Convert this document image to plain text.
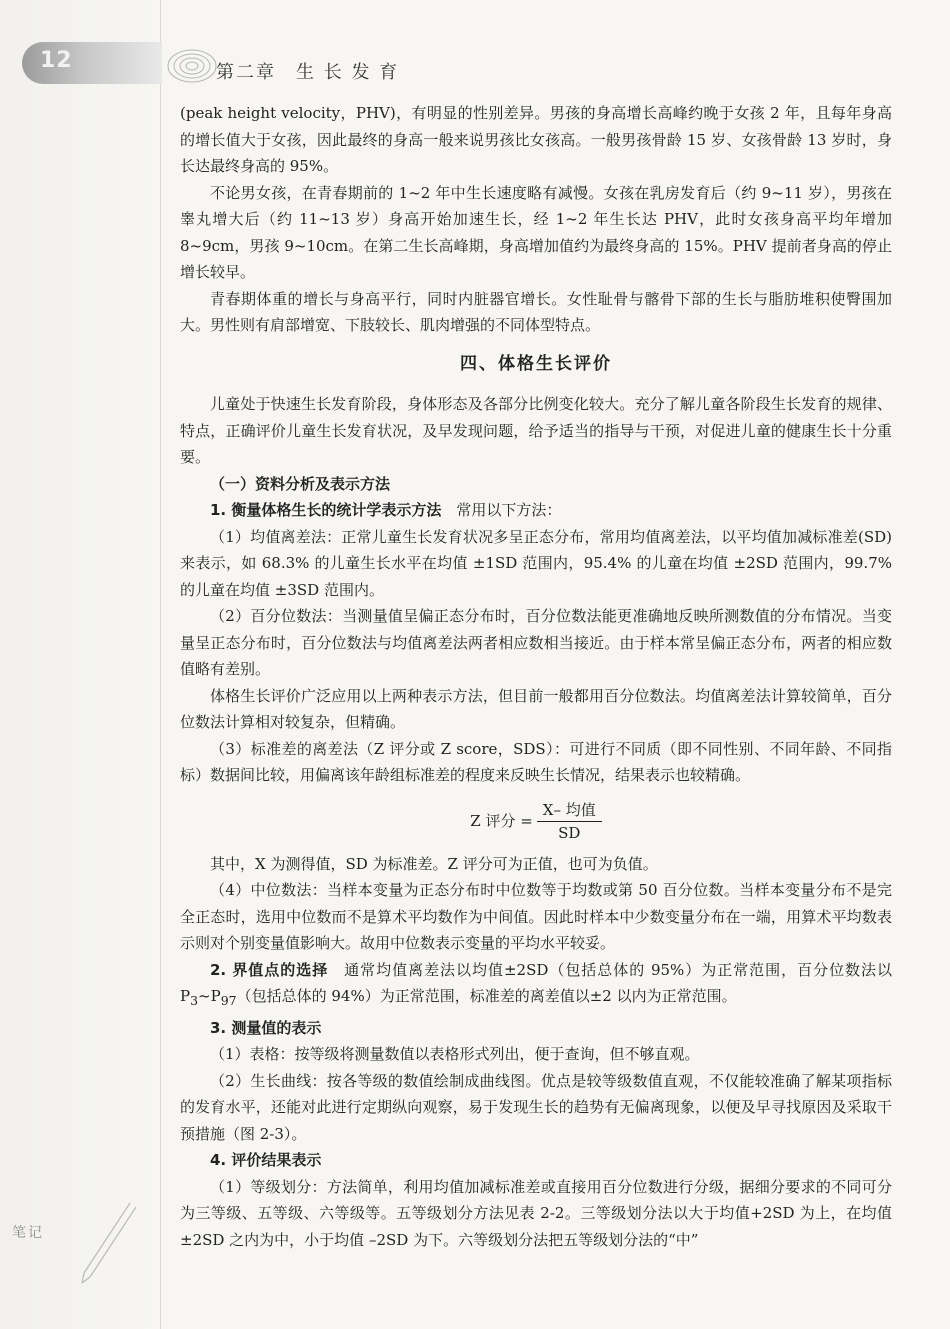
12	第二章　生 长 发 育

(peak height velocity，PHV)，有明显的性别差异。男孩的身高增长高峰约晚于女孩 2 年，且每年身高的增长值大于女孩，因此最终的身高一般来说男孩比女孩高。一般男孩骨龄 15 岁、女孩骨龄 13 岁时，身长达最终身高的 95%。

不论男女孩，在青春期前的 1~2 年中生长速度略有减慢。女孩在乳房发育后（约 9~11 岁），男孩在睾丸增大后（约 11~13 岁）身高开始加速生长，经 1~2 年生长达 PHV，此时女孩身高平均年增加 8~9cm，男孩 9~10cm。在第二生长高峰期，身高增加值约为最终身高的 15%。PHV 提前者身高的停止增长较早。

青春期体重的增长与身高平行，同时内脏器官增长。女性耻骨与髂骨下部的生长与脂肪堆积使臀围加大。男性则有肩部增宽、下肢较长、肌肉增强的不同体型特点。

四、体格生长评价

儿童处于快速生长发育阶段，身体形态及各部分比例变化较大。充分了解儿童各阶段生长发育的规律、特点，正确评价儿童生长发育状况，及早发现问题，给予适当的指导与干预，对促进儿童的健康生长十分重要。

（一）资料分析及表示方法

1. 衡量体格生长的统计学表示方法　常用以下方法：

（1）均值离差法：正常儿童生长发育状况多呈正态分布，常用均值离差法，以平均值加减标准差(SD)来表示，如 68.3% 的儿童生长水平在均值 ±1SD 范围内，95.4% 的儿童在均值 ±2SD 范围内，99.7% 的儿童在均值 ±3SD 范围内。

（2）百分位数法：当测量值呈偏正态分布时，百分位数法能更准确地反映所测数值的分布情况。当变量呈正态分布时，百分位数法与均值离差法两者相应数相当接近。由于样本常呈偏正态分布，两者的相应数值略有差别。

体格生长评价广泛应用以上两种表示方法，但目前一般都用百分位数法。均值离差法计算较简单，百分位数法计算相对较复杂，但精确。

（3）标准差的离差法（Z 评分或 Z score，SDS）：可进行不同质（即不同性别、不同年龄、不同指标）数据间比较，用偏离该年龄组标准差的程度来反映生长情况，结果表示也较精确。

Z 评分 = $\frac{\text{X– 均值}}{SD}$

其中，X 为测得值，SD 为标准差。Z 评分可为正值，也可为负值。

（4）中位数法：当样本变量为正态分布时中位数等于均数或第 50 百分位数。当样本变量分布不是完全正态时，选用中位数而不是算术平均数作为中间值。因此时样本中少数变量分布在一端，用算术平均数表示则对个别变量值影响大。故用中位数表示变量的平均水平较妥。

2. 界值点的选择　通常均值离差法以均值±2SD（包括总体的 95%）为正常范围，百分位数法以 $P_3\sim P_{97}$（包括总体的 94%）为正常范围，标准差的离差值以±2 以内为正常范围。

3. 测量值的表示

（1）表格：按等级将测量数值以表格形式列出，便于查询，但不够直观。

（2）生长曲线：按各等级的数值绘制成曲线图。优点是较等级数值直观，不仅能较准确了解某项指标的发育水平，还能对此进行定期纵向观察，易于发现生长的趋势有无偏离现象，以便及早寻找原因及采取干预措施（图 2-3）。

4. 评价结果表示

（1）等级划分：方法简单，利用均值加减标准差或直接用百分位数进行分级，据细分要求的不同可分为三等级、五等级、六等级等。五等级划分方法见表 2-2。三等级划分法以大于均值+2SD 为上，在均值 ±2SD 之内为中，小于均值 –2SD 为下。六等级划分法把五等级划分法的“中”

笔记
